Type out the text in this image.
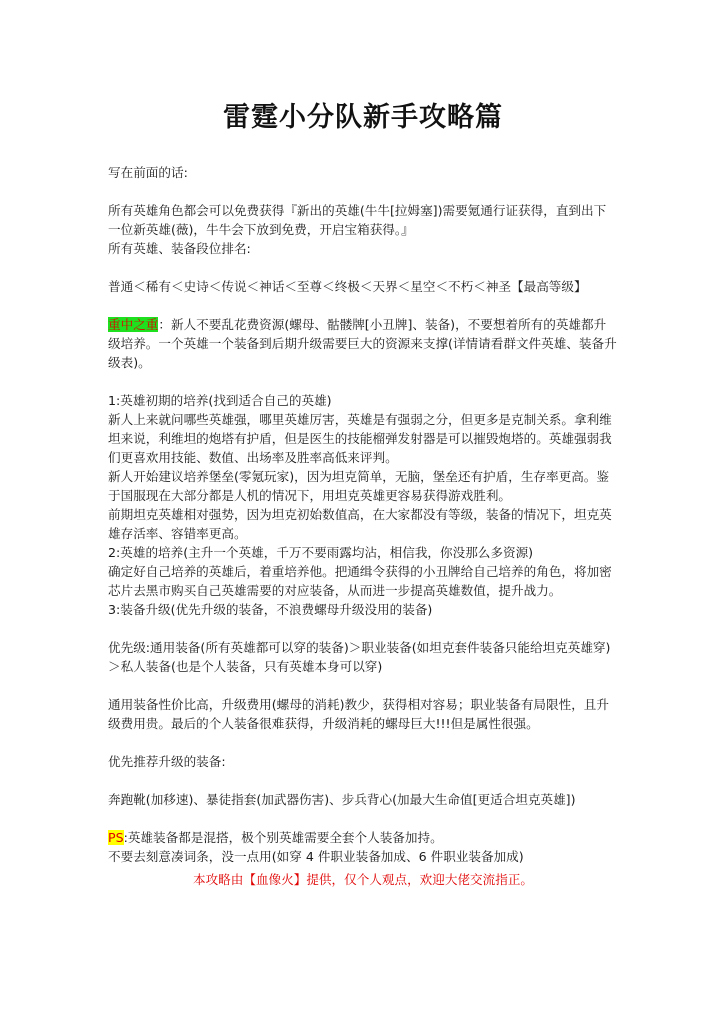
雷霆小分队新手攻略篇

写在前面的话:

所有英雄角色都会可以免费获得『新出的英雄(牛牛[拉姆塞])需要氪通行证获得，直到出下一位新英雄(薇)，牛牛会下放到免费，开启宝箱获得。』

所有英雄、装备段位排名:

普通＜稀有＜史诗＜传说＜神话＜至尊＜终极＜天界＜星空＜不朽＜神圣【最高等级】

重中之重：新人不要乱花费资源(螺母、骷髅牌[小丑牌]、装备)，不要想着所有的英雄都升级培养。一个英雄一个装备到后期升级需要巨大的资源来支撑(详情请看群文件英雄、装备升级表)。

1:英雄初期的培养(找到适合自己的英雄)

新人上来就问哪些英雄强，哪里英雄厉害，英雄是有强弱之分，但更多是克制关系。拿利维坦来说，利维坦的炮塔有护盾，但是医生的技能榴弹发射器是可以摧毁炮塔的。英雄强弱我们更喜欢用技能、数值、出场率及胜率高低来评判。

新人开始建议培养堡垒(零氪玩家)，因为坦克简单，无脑，堡垒还有护盾，生存率更高。鉴于国服现在大部分都是人机的情况下，用坦克英雄更容易获得游戏胜利。

前期坦克英雄相对强势，因为坦克初始数值高，在大家都没有等级，装备的情况下，坦克英雄存活率、容错率更高。

2:英雄的培养(主升一个英雄，千万不要雨露均沾，相信我，你没那么多资源)

确定好自己培养的英雄后，着重培养他。把通缉令获得的小丑牌给自己培养的角色，将加密芯片去黑市购买自己英雄需要的对应装备，从而进一步提高英雄数值，提升战力。

3:装备升级(优先升级的装备，不浪费螺母升级没用的装备)

优先级:通用装备(所有英雄都可以穿的装备)＞职业装备(如坦克套件装备只能给坦克英雄穿)＞私人装备(也是个人装备，只有英雄本身可以穿)

通用装备性价比高，升级费用(螺母的消耗)教少，获得相对容易；职业装备有局限性，且升级费用贵。最后的个人装备很难获得，升级消耗的螺母巨大!!!但是属性很强。

优先推荐升级的装备:

奔跑靴(加移速)、暴徒指套(加武器伤害)、步兵背心(加最大生命值[更适合坦克英雄])

PS:英雄装备都是混搭，极个别英雄需要全套个人装备加持。

不要去刻意凑词条，没一点用(如穿 4 件职业装备加成、6 件职业装备加成)

本攻略由【血像火】提供，仅个人观点，欢迎大佬交流指正。
